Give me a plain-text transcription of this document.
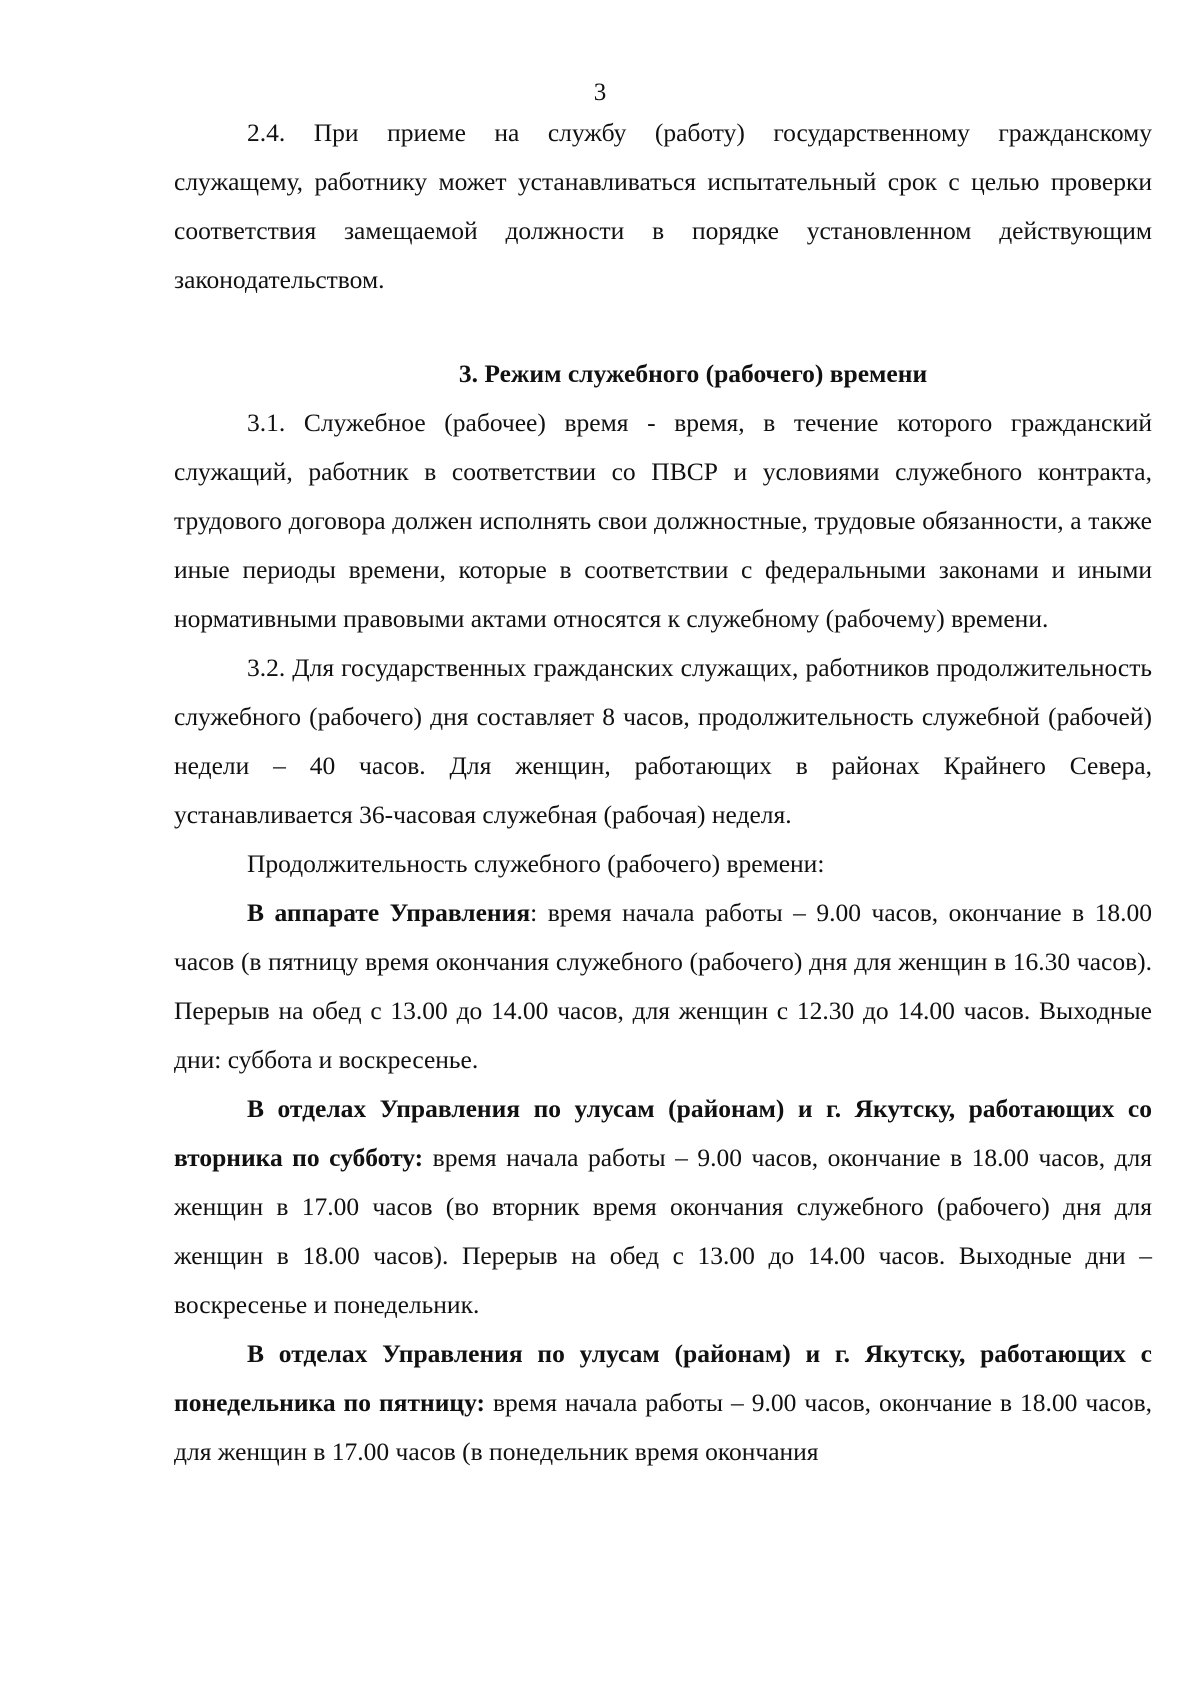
3

2.4. При приеме на службу (работу) государственному гражданскому служащему, работнику может устанавливаться испытательный срок с целью проверки соответствия замещаемой должности в порядке установленном действующим законодательством.

3. Режим служебного (рабочего) времени

3.1. Служебное (рабочее) время - время, в течение которого гражданский служащий, работник в соответствии со ПВСР и условиями служебного контракта, трудового договора должен исполнять свои должностные, трудовые обязанности, а также иные периоды времени, которые в соответствии с федеральными законами и иными нормативными правовыми актами относятся к служебному (рабочему) времени.

3.2. Для государственных гражданских служащих, работников продолжительность служебного (рабочего) дня составляет 8 часов, продолжительность служебной (рабочей) недели – 40 часов. Для женщин, работающих в районах Крайнего Севера, устанавливается 36-часовая служебная (рабочая) неделя.

Продолжительность служебного (рабочего) времени:

В аппарате Управления: время начала работы – 9.00 часов, окончание в 18.00 часов (в пятницу время окончания служебного (рабочего) дня для женщин в 16.30 часов). Перерыв на обед с 13.00 до 14.00 часов, для женщин с 12.30 до 14.00 часов. Выходные дни: суббота и воскресенье.

В отделах Управления по улусам (районам) и г. Якутску, работающих со вторника по субботу: время начала работы – 9.00 часов, окончание в 18.00 часов, для женщин в 17.00 часов (во вторник время окончания служебного (рабочего) дня для женщин в 18.00 часов). Перерыв на обед с 13.00 до 14.00 часов. Выходные дни – воскресенье и понедельник.

В отделах Управления по улусам (районам) и г. Якутску, работающих с понедельника по пятницу: время начала работы – 9.00 часов, окончание в 18.00 часов, для женщин в 17.00 часов (в понедельник время окончания
